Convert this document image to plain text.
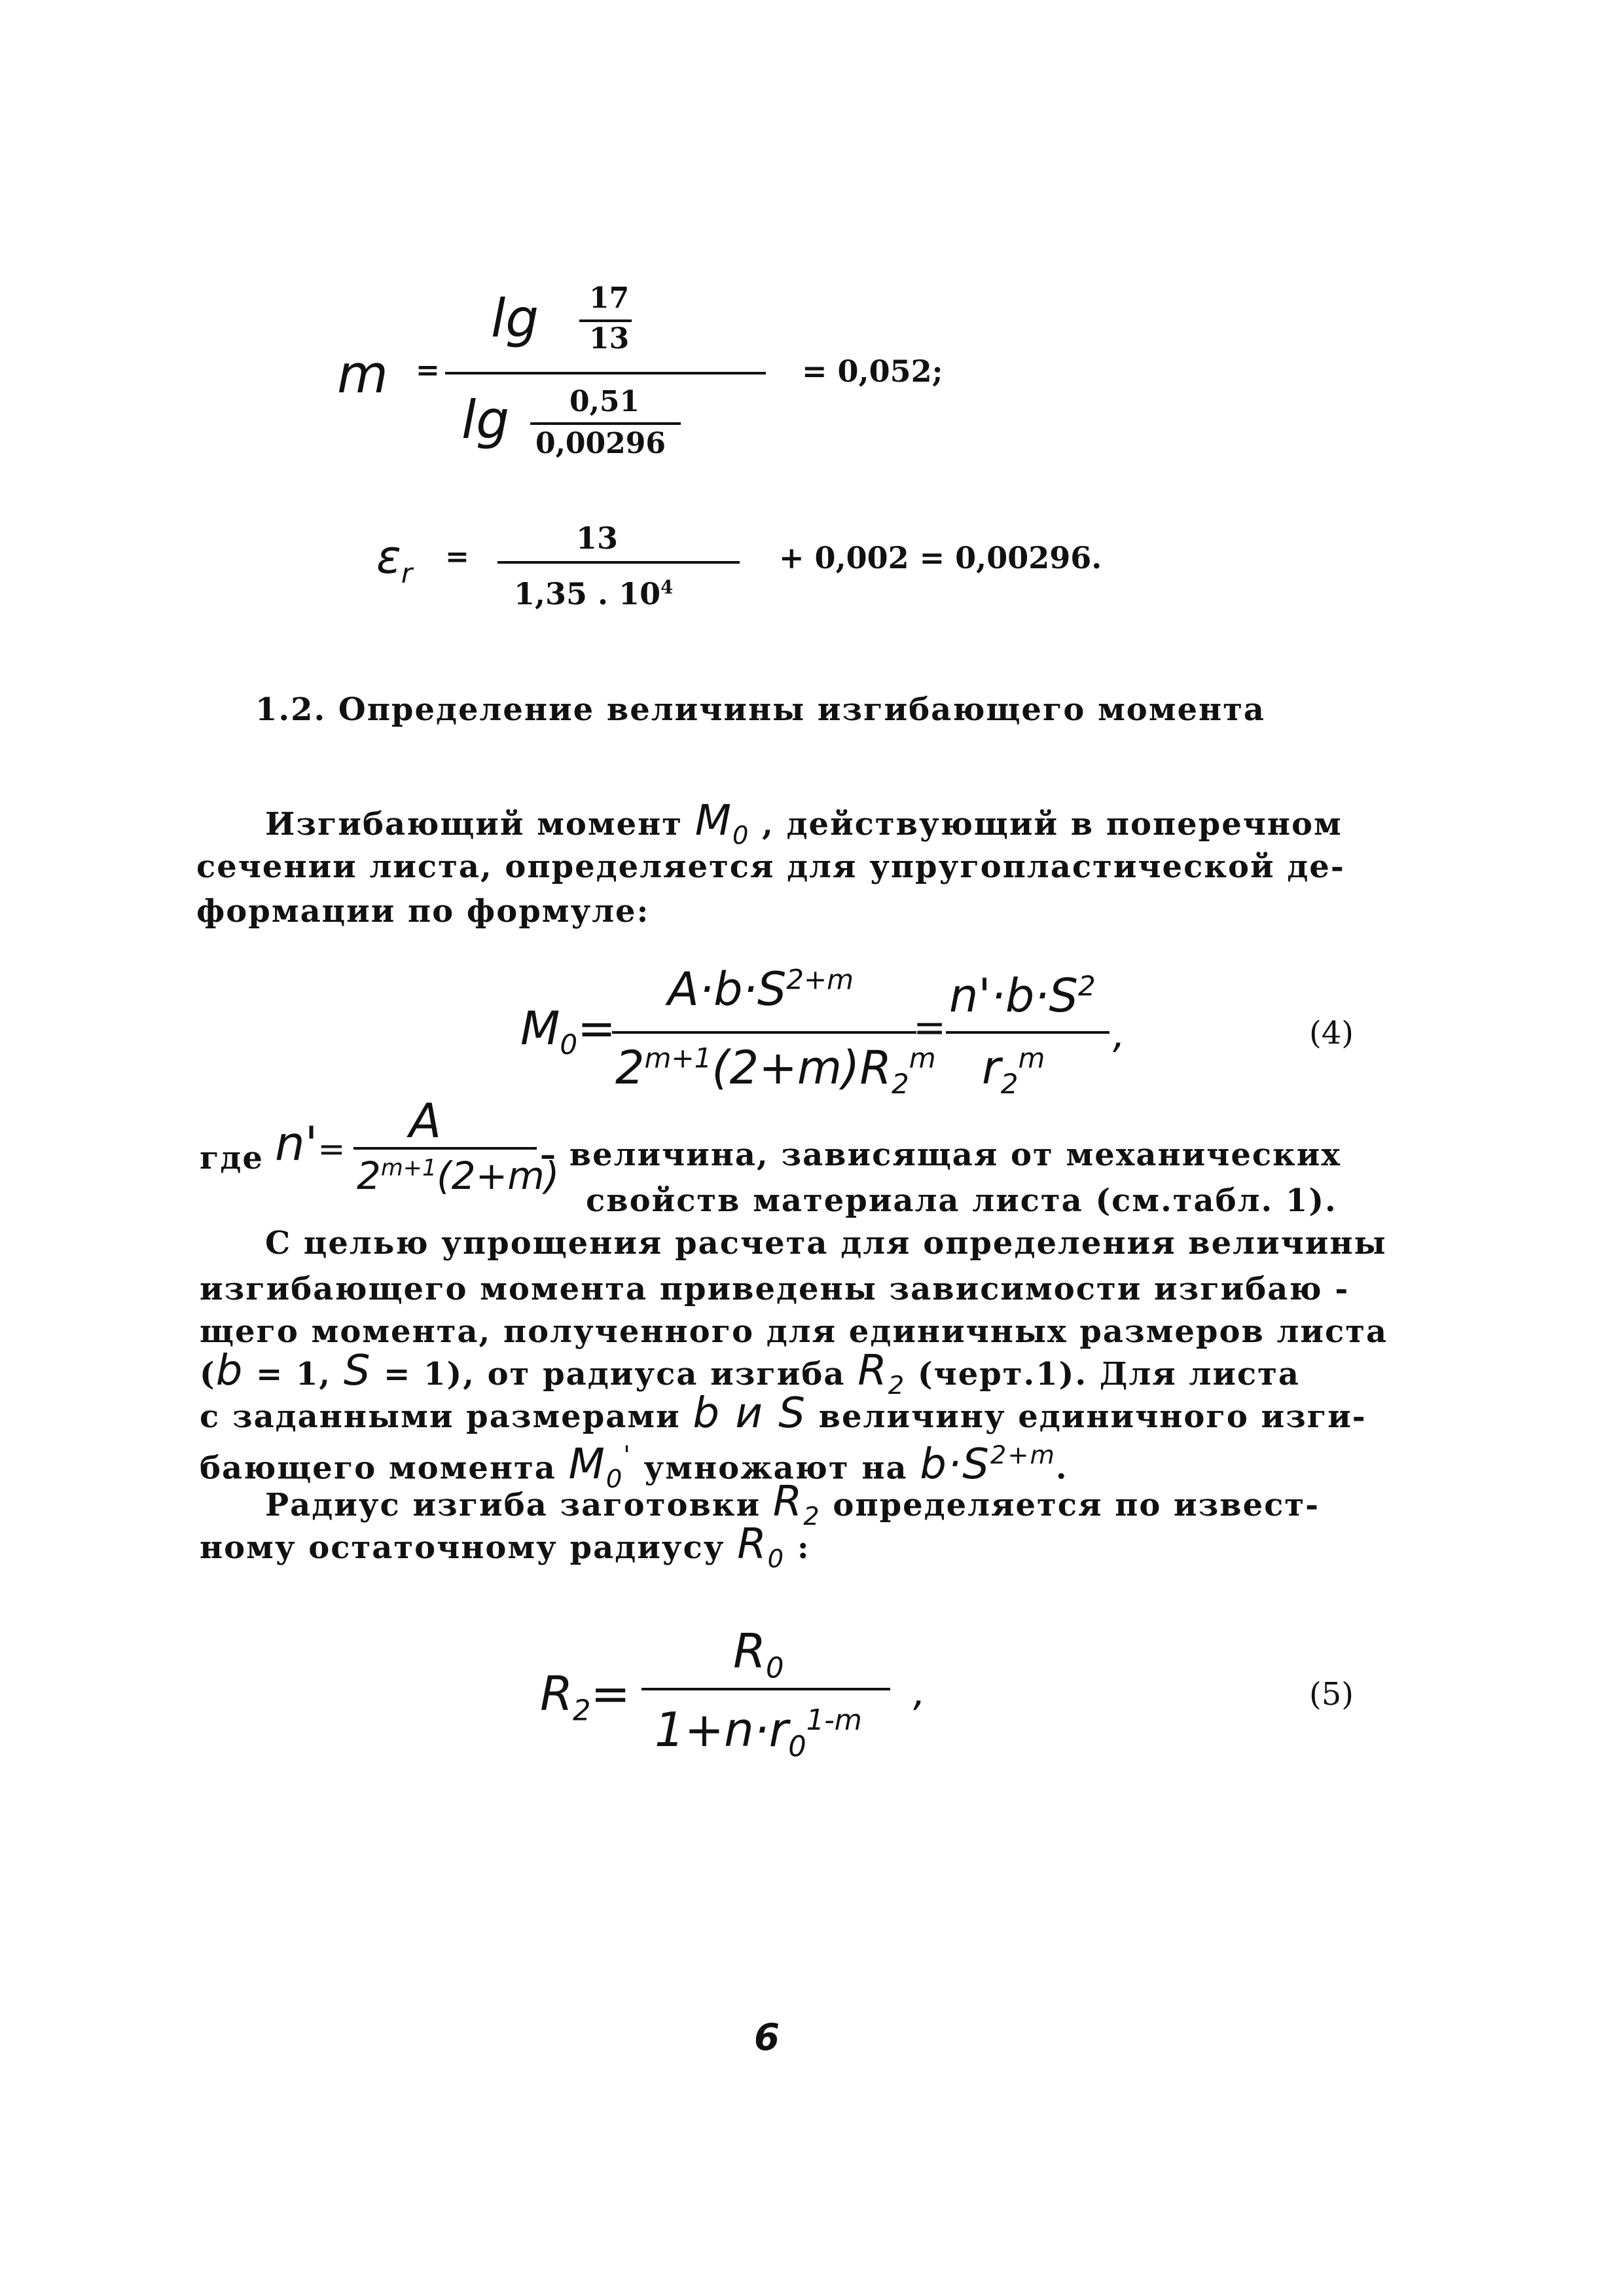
m =
lg 17
13
lg 0,51
0,00296
= 0,052;
$\varepsilon_r$ =
13
1,35 . $10^4$
+ 0,002 = 0,00296.
1.2. Определение величины изгибающего момента
Изгибающий момент $M_0$ , действующий в поперечном
сечении листа, определяется для упругопластической де-
формации по формуле:
$M_0=$
$A\cdot b\cdot S^{2+m}$
$2^{m+1}(2+m)R_2^m$
=
$n'\cdot b\cdot S^2$
$r_2^m$
,	(4)
где n'=
A
$2^{m+1}(2+m)$
– величина, зависящая от механических
свойств материала листа (см.табл. 1).
С целью упрощения расчета для определения величины
изгибающего момента приведены зависимости изгибаю -
щего момента, полученного для единичных размеров листа
(b = 1, S = 1), от радиуса изгиба $R_2$ (черт.1). Для листа
с заданными размерами b и S величину единичного изги-
бающего момента $M_0'$ умножают на $b\cdot S^{2+m}$.
Радиус изгиба заготовки $R_2$ определяется по извест-
ному остаточному радиусу $R_0$ :
$R_2=$
$R_0$
$1+n\cdot r_0^{1-m}$
,	(5)
6
